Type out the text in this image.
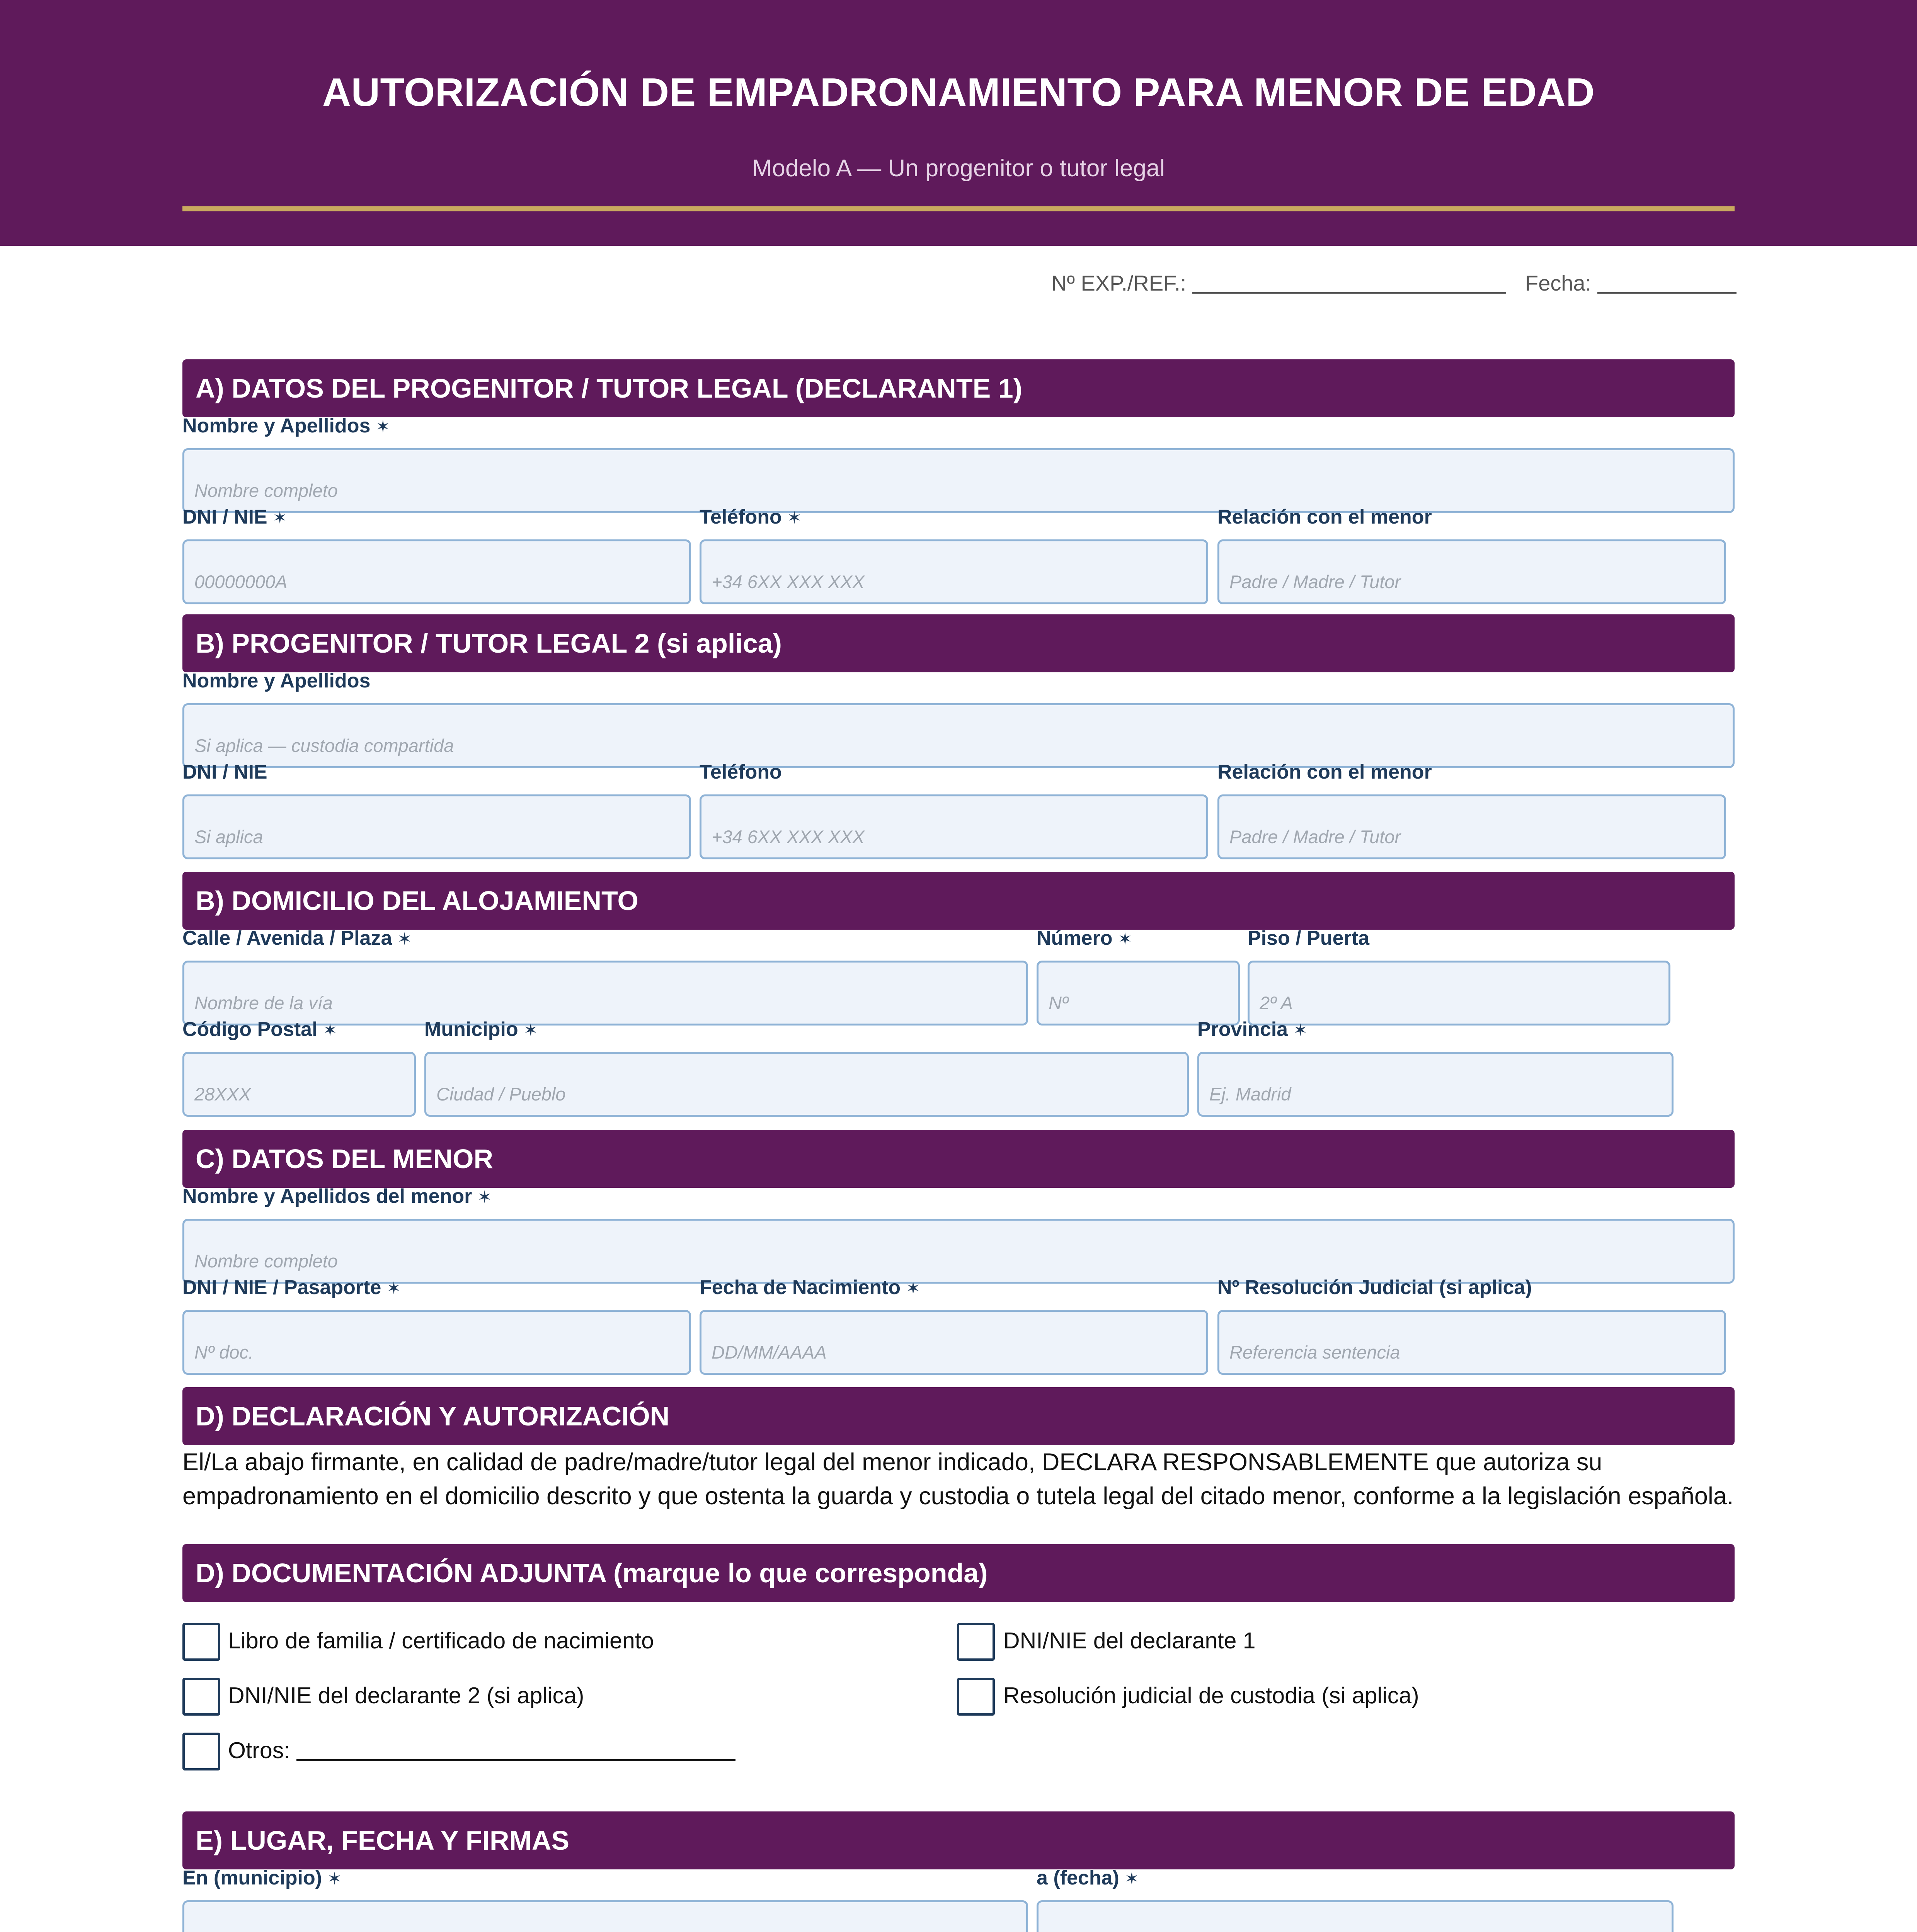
AUTORIZACIÓN DE EMPADRONAMIENTO PARA MENOR DE EDAD
Modelo A — Un progenitor o tutor legal
Nº EXP./REF.:	Fecha:
A) DATOS DEL PROGENITOR / TUTOR LEGAL (DECLARANTE 1)
Nombre y Apellidos ✶
Nombre completo
DNI / NIE ✶
00000000A
Teléfono ✶
+34 6XX XXX XXX
Relación con el menor
Padre / Madre / Tutor
B) PROGENITOR / TUTOR LEGAL 2 (si aplica)
Nombre y Apellidos
Si aplica — custodia compartida
DNI / NIE
Si aplica
Teléfono
+34 6XX XXX XXX
Relación con el menor
Padre / Madre / Tutor
B) DOMICILIO DEL ALOJAMIENTO
Calle / Avenida / Plaza ✶
Nombre de la vía
Número ✶
Nº
Piso / Puerta
2º A
Código Postal ✶
28XXX
Municipio ✶
Ciudad / Pueblo
Provincia ✶
Ej. Madrid
C) DATOS DEL MENOR
Nombre y Apellidos del menor ✶
Nombre completo
DNI / NIE / Pasaporte ✶
Nº doc.
Fecha de Nacimiento ✶
DD/MM/AAAA
Nº Resolución Judicial (si aplica)
Referencia sentencia
D) DECLARACIÓN Y AUTORIZACIÓN
El/La abajo firmante, en calidad de padre/madre/tutor legal del menor indicado, DECLARA RESPONSABLEMENTE que autoriza su empadronamiento en el domicilio descrito y que ostenta la guarda y custodia o tutela legal del citado menor, conforme a la legislación española.
D) DOCUMENTACIÓN ADJUNTA (marque lo que corresponda)
Libro de familia / certificado de nacimiento	DNI/NIE del declarante 1
DNI/NIE del declarante 2 (si aplica)	Resolución judicial de custodia (si aplica)
Otros:
E) LUGAR, FECHA Y FIRMAS
En (municipio) ✶	a (fecha) ✶
